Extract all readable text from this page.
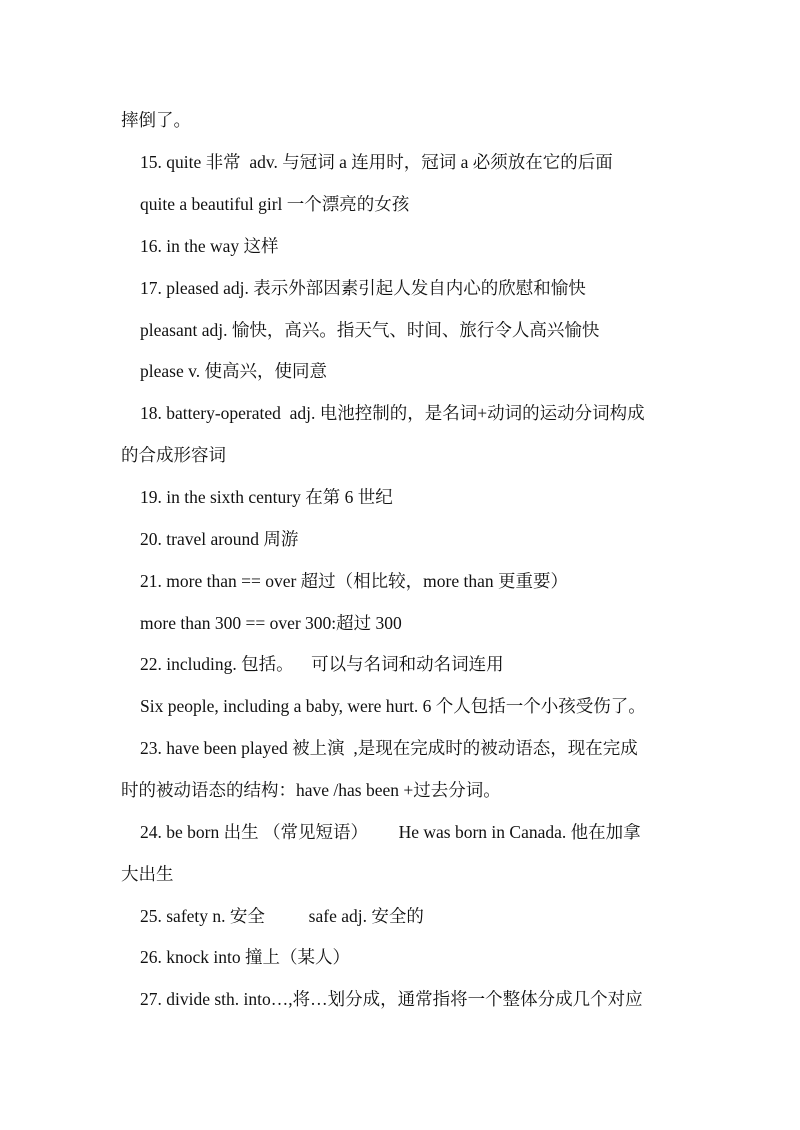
摔倒了。
15. quite 非常  adv. 与冠词 a 连用时，冠词 a 必须放在它的后面
quite a beautiful girl 一个漂亮的女孩
16. in the way 这样
17. pleased adj. 表示外部因素引起人发自内心的欣慰和愉快
pleasant adj. 愉快，高兴。指天气、时间、旅行令人高兴愉快
please v. 使高兴，使同意
18. battery-operated  adj. 电池控制的，是名词+动词的运动分词构成
的合成形容词
19. in the sixth century 在第 6 世纪
20. travel around 周游
21. more than == over 超过（相比较，more than 更重要）
more than 300 == over 300:超过 300
22. including. 包括。    可以与名词和动名词连用
Six people, including a baby, were hurt. 6 个人包括一个小孩受伤了。
23. have been played 被上演  ,是现在完成时的被动语态，现在完成
时的被动语态的结构：have /has been +过去分词。
24. be born 出生 （常见短语）       He was born in Canada. 他在加拿
大出生
25. safety n. 安全          safe adj. 安全的
26. knock into 撞上（某人）
27. divide sth. into…,将…划分成，通常指将一个整体分成几个对应
